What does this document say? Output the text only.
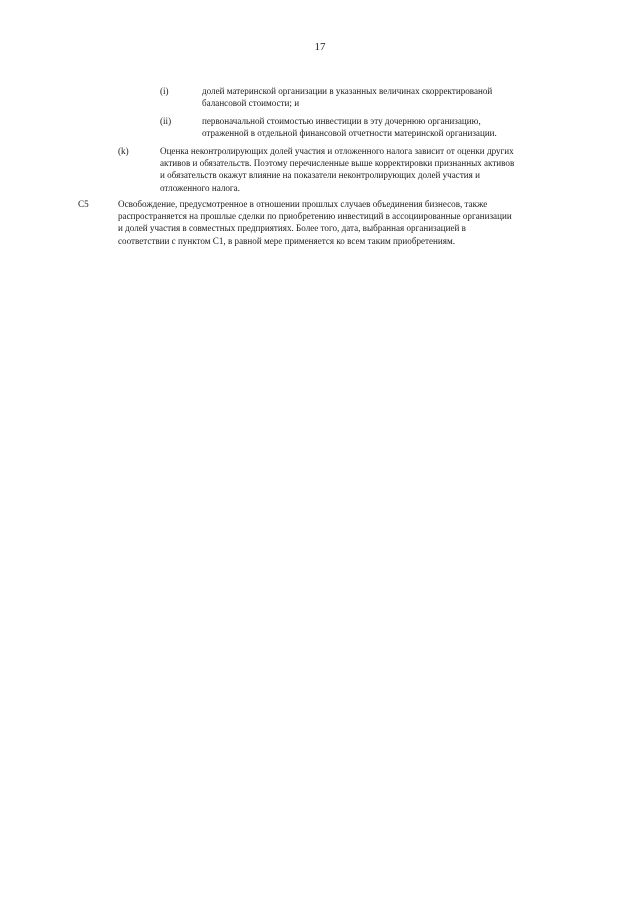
17
(i)	долей материнской организации в указанных величинах скорректированой

балансовой стоимости; и

(ii)	первоначальной стоимостью инвестиции в эту дочернюю организацию,

отраженной в отдельной финансовой отчетности материнской организации.

(k)	Оценка неконтролирующих долей участия и отложенного налога зависит от оценки других

активов и обязательств. Поэтому перечисленные выше корректировки признанных активов

и обязательств окажут влияние на показатели неконтролирующих долей участия и

отложенного налога.

C5	Освобождение, предусмотренное в отношении прошлых случаев объединения бизнесов, также

распространяется на прошлые сделки по приобретению инвестиций в ассоциированные организации

и долей участия в совместных предприятиях. Более того, дата, выбранная организацией в

соответствии с пунктом C1, в равной мере применяется ко всем таким приобретениям.
